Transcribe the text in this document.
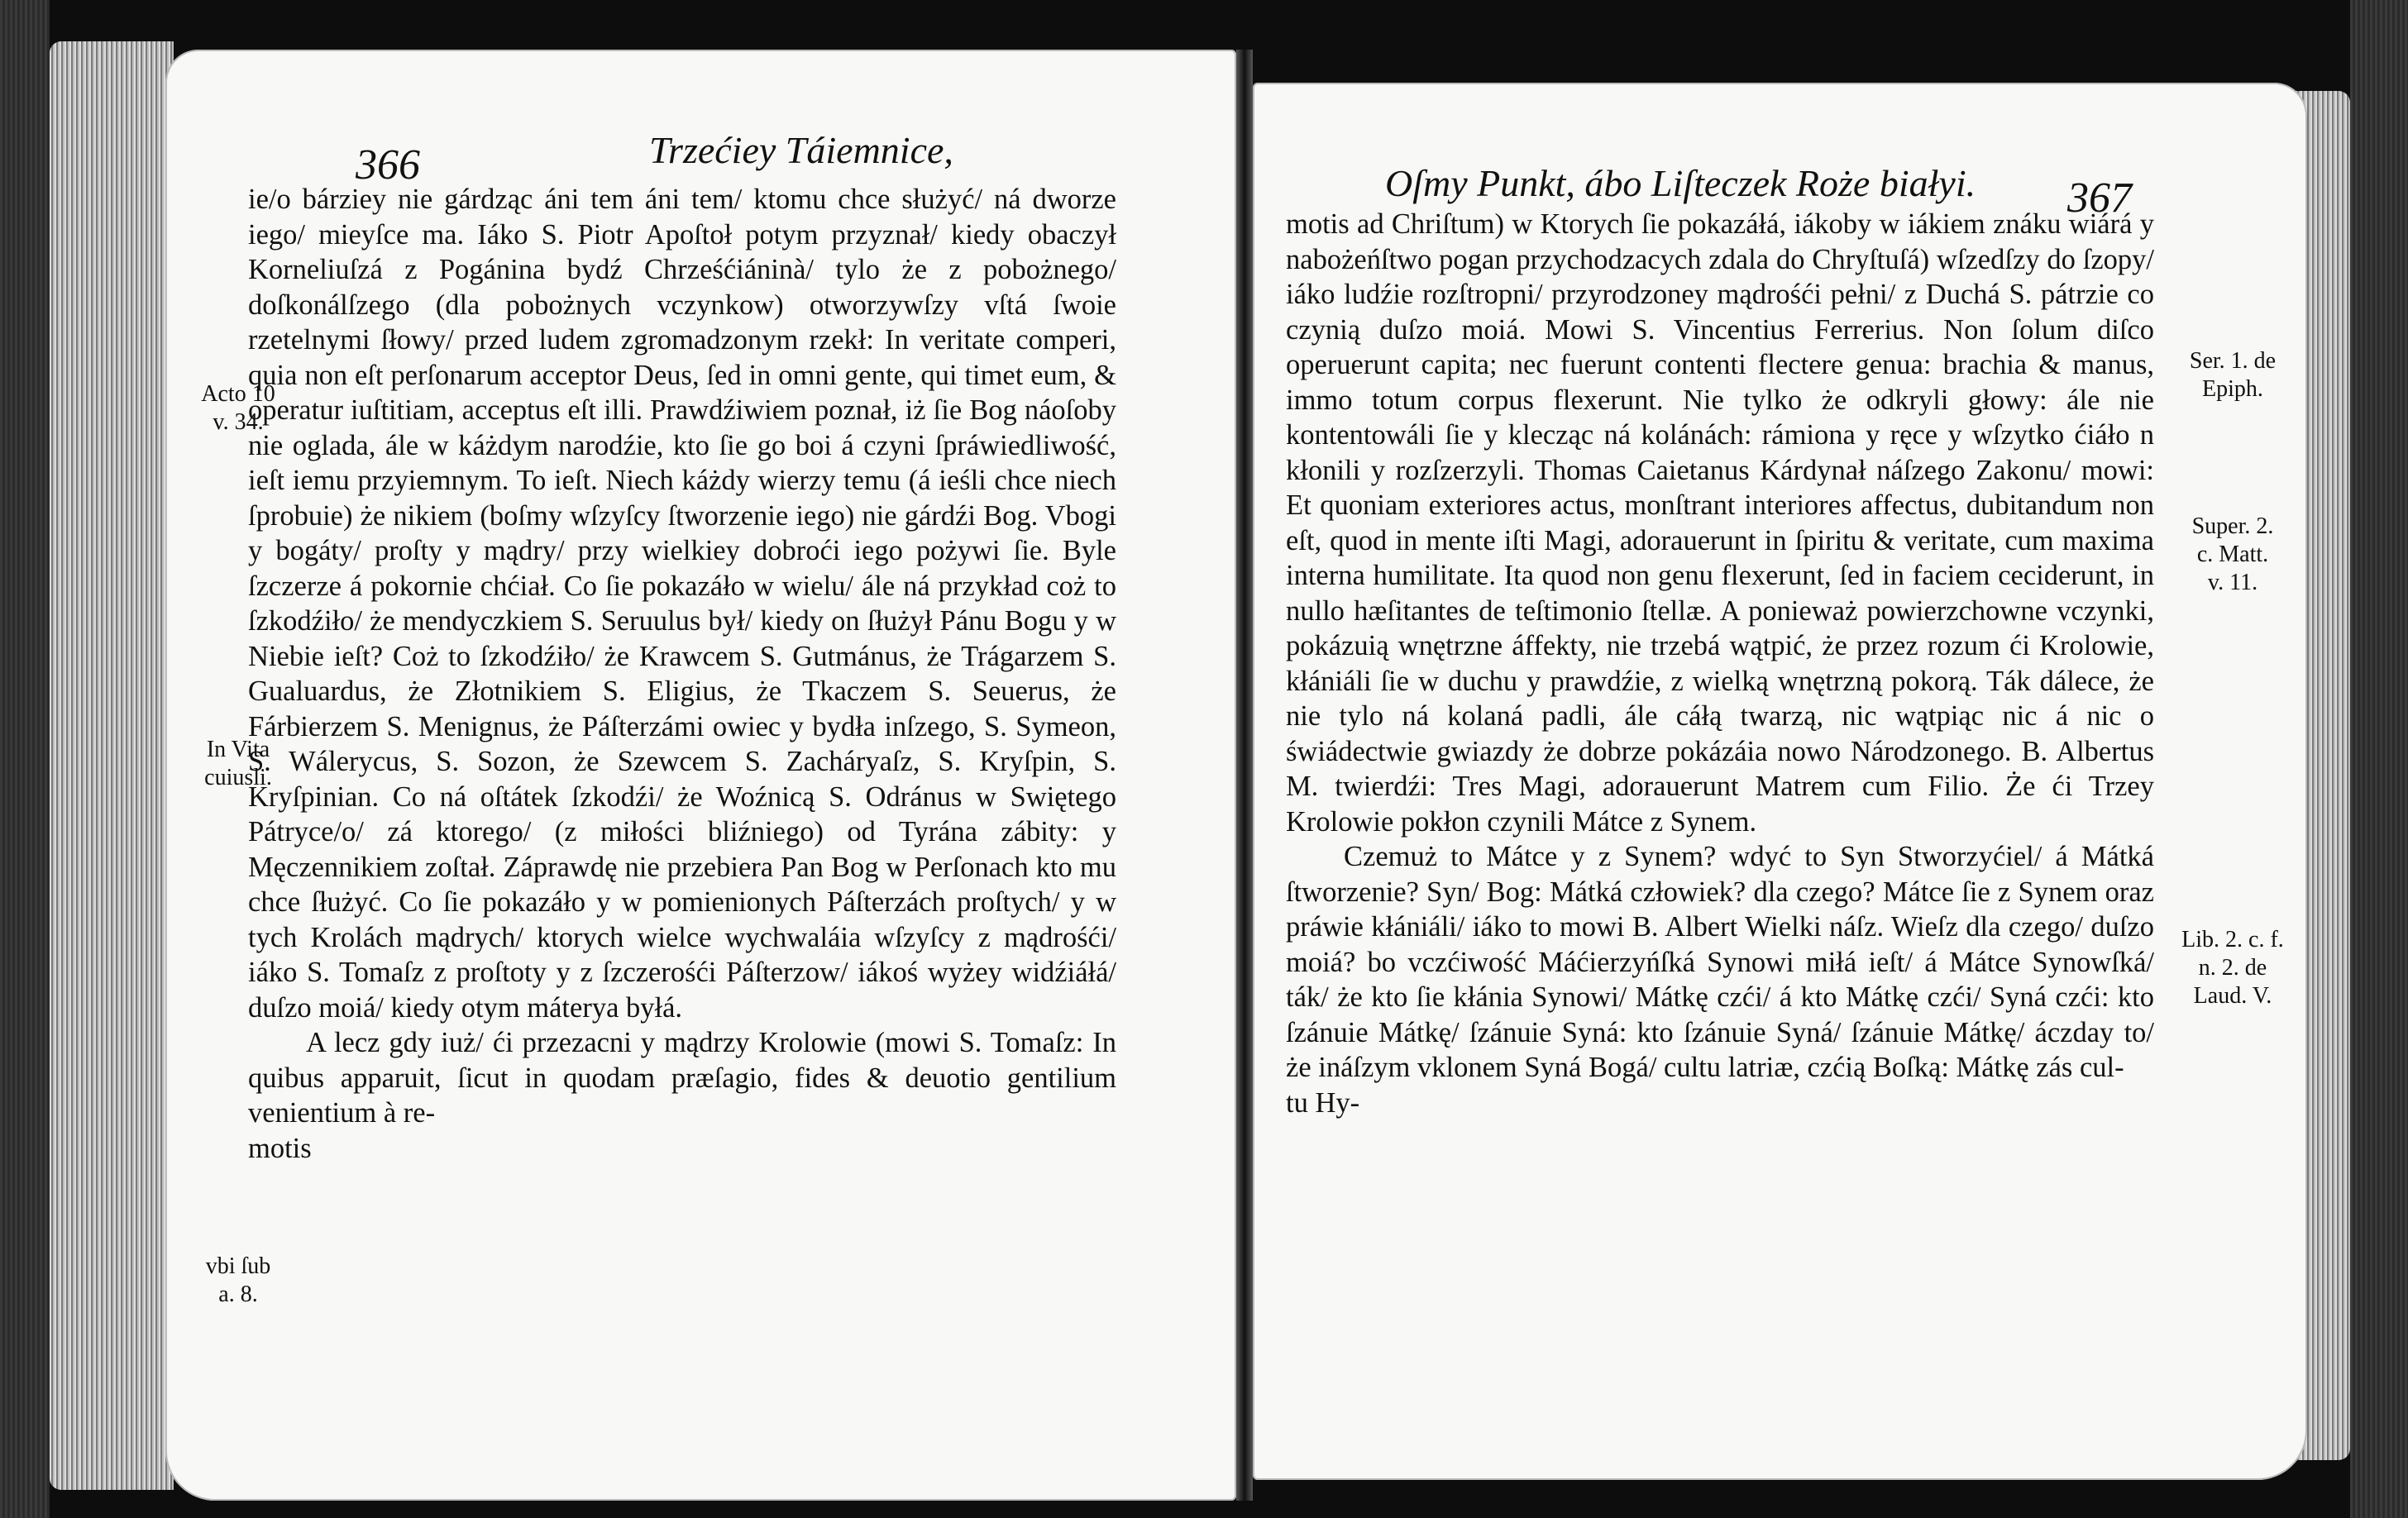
366	Trzećiey Táiemnice,
Acto 10
v. 34.
In Vita
cuiusli.
vbi ſub
a. 8.

ie/o bárziey nie gárdząc áni tem áni tem/ ktomu chce służyć/ ná dworze iego/ mieyſce ma. Iáko S. Piotr Apoſtoł potym przyznał/ kiedy obaczył Korneliuſzá z Pogánina bydź Chrześćiáninà/ tylo że z pobożnego/ doſkonálſzego (dla pobożnych vczynkow) otworzywſzy vſtá ſwoie rzetelnymi ſłowy/ przed ludem zgromadzonym rzekł: In veritate comperi, quia non eſt perſonarum acceptor Deus, ſed in omni gente, qui timet eum, & operatur iuſtitiam, acceptus eſt illi. Prawdźiwiem poznał, iż ſie Bog náoſoby nie oglada, ále w káżdym narodźie, kto ſie go boi á czyni ſpráwiedliwość, ieſt iemu przyiemnym. To ieſt. Niech káżdy wierzy temu (á ieśli chce niech ſprobuie) że nikiem (boſmy wſzyſcy ſtworzenie iego) nie gárdźi Bog. Vbogi y bogáty/ proſty y mądry/ przy wielkiey dobroći iego pożywi ſie. Byle ſzczerze á pokornie chćiał. Co ſie pokazáło w wielu/ ále ná przykład coż to ſzkodźiło/ że mendyczkiem S. Seruulus był/ kiedy on ſłużył Pánu Bogu y w Niebie ieſt? Coż to ſzkodźiło/ że Krawcem S. Gutmánus, że Trágarzem S. Gualuardus, że Złotnikiem S. Eligius, że Tkaczem S. Seuerus, że Fárbierzem S. Menignus, że Páſterzámi owiec y bydła inſzego, S. Symeon, S. Wálerycus, S. Sozon, że Szewcem S. Zacháryaſz, S. Kryſpin, S. Kryſpinian. Co ná oſtátek ſzkodźi/ że Woźnicą S. Odránus w Swiętego Pátryce/o/ zá ktorego/ (z miłości bliźniego) od Tyrána zábity: y Męczennikiem zoſtał. Záprawdę nie przebiera Pan Bog w Perſonach kto mu chce ſłużyć. Co ſie pokazáło y w pomienionych Páſterzách proſtych/ y w tych Krolách mądrych/ ktorych wielce wychwaláia wſzyſcy z mądrośći/ iáko S. Tomaſz z proſtoty y z ſzczerośći Páſterzow/ iákoś wyżey widźiáłá/ duſzo moiá/ kiedy otym máterya byłá.

A lecz gdy iuż/ ći przezacni y mądrzy Krolowie (mowi S. Tomaſz: In quibus apparuit, ſicut in quodam præſagio, fides & deuotio gentilium venientium à re-

motis

Oſmy Punkt, ábo Liſteczek Roże białyi. 367
Ser. 1. de
Epiph.
Super. 2.
c. Matt.
v. 11.
Lib. 2. c. f.
n. 2. de
Laud. V.

motis ad Chriſtum) w Ktorych ſie pokazáłá, iákoby w iákiem znáku wiárá y nabożeńſtwo pogan przychodzacych zdala do Chryſtuſá) wſzedſzy do ſzopy/ iáko ludźie rozſtropni/ przyrodzoney mądrośći pełni/ z Duchá S. pátrzie co czynią duſzo moiá. Mowi S. Vincentius Ferrerius. Non ſolum diſco operuerunt capita; nec fuerunt contenti flectere genua: brachia & manus, immo totum corpus flexerunt. Nie tylko że odkryli głowy: ále nie kontentowáli ſie y klecząc ná kolánách: rámiona y ręce y wſzytko ćiáło n kłonili y rozſzerzyli. Thomas Caietanus Kárdynał náſzego Zakonu/ mowi: Et quoniam exteriores actus, monſtrant interiores affectus, dubitandum non eſt, quod in mente iſti Magi, adorauerunt in ſpiritu & veritate, cum maxima interna humilitate. Ita quod non genu flexerunt, ſed in faciem ceciderunt, in nullo hæſitantes de teſtimonio ſtellæ. A ponieważ powierzchowne vczynki, pokázuią wnętrzne áffekty, nie trzebá wątpić, że przez rozum ći Krolowie, kłániáli ſie w duchu y prawdźie, z wielką wnętrzną pokorą. Ták dálece, że nie tylo ná kolaná padli, ále cáłą twarzą, nic wątpiąc nic á nic o świádectwie gwiazdy że dobrze pokázáia nowo Národzonego. B. Albertus M. twierdźi: Tres Magi, adorauerunt Matrem cum Filio. Że ći Trzey Krolowie pokłon czynili Mátce z Synem.

Czemuż to Mátce y z Synem? wdyć to Syn Stworzyćiel/ á Mátká ſtworzenie? Syn/ Bog: Mátká człowiek? dla czego? Mátce ſie z Synem oraz práwie kłániáli/ iáko to mowi B. Albert Wielki náſz. Wieſz dla czego/ duſzo moiá? bo vczćiwość Máćierzyńſká Synowi miłá ieſt/ á Mátce Synowſká/ ták/ że kto ſie kłánia Synowi/ Mátkę czći/ á kto Mátkę czći/ Syná czći: kto ſzánuie Mátkę/ ſzánuie Syná: kto ſzánuie Syná/ ſzánuie Mátkę/ áczday to/ że ináſzym vklonem Syná Bogá/ cultu latriæ, czćią Boſką: Mátkę zás cul-

tu Hy-
